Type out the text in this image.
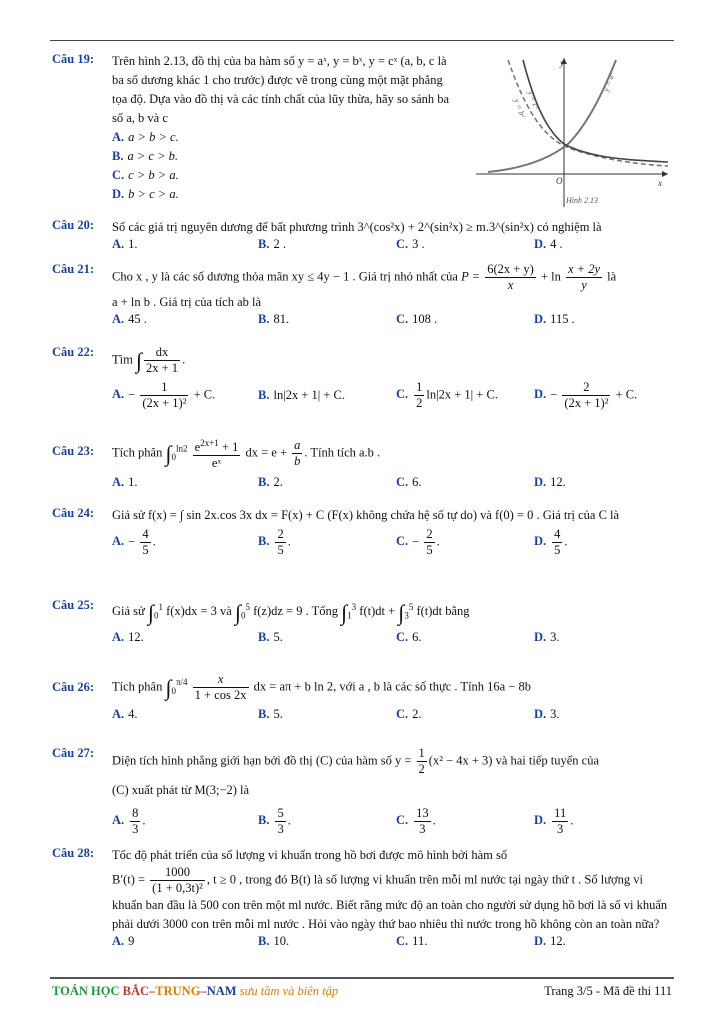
Câu 19:	Trên hình 2.13, đồ thị của ba hàm số y = aˣ, y = bˣ, y = cˣ (a, b, c là ba số dương khác 1 cho trước) được vẽ trong cùng một mặt phẳng tọa độ. Dựa vào đồ thị và các tính chất của lũy thừa, hãy so sánh ba số a, b và c
A. a > b > c.
B. a > c > b.
C. c > b > a.
D. b > c > a.
y
x
O
y = aˣ
y = bˣ
y = cˣ
Hình 2.13
Câu 20:	Số các giá trị nguyên dương để bất phương trình 3^(cos²x) + 2^(sin²x) ≥ m.3^(sin²x) có nghiệm là
A. 1.	B. 2 .	C. 3 .	D. 4 .
Câu 21:
Cho x , y là các số dương thỏa mãn xy ≤ 4y − 1 . Giá trị nhỏ nhất của $P = \frac{6(2x + y)}{x} + \ln \frac{x + 2y}{y}$ là
a + ln b . Giá trị của tích ab là
A. 45 .	B. 81.	C. 108 .	D. 115 .
Câu 22:
Tìm ∫ $\frac{dx}{2x + 1}$ .
A. − $\frac{1}{\text{(2x + 1)²}} + C$.	B. ln|2x + 1| + C.	C. $\frac{1}{2} \ln|2x + 1| + C$.	D. − $\frac{2}{\text{(2x + 1)²}} + C$.
Câu 23:	Tích phân $\int_0^{ln2} \frac{e^{2x+1} + 1}{\text{eˣ}}$ dx = $e + \frac{a}{b}$ . Tính tích a.b .
A. 1.	B. 2.	C. 6.	D. 12.
Câu 24:	Giả sử f(x) = ∫ sin 2x.cos 3x dx = F(x) + C (F(x) không chứa hệ số tự do) và f(0) = 0 . Giá trị của C là
A. − $\frac{4}{5}$ .	B. $\frac{2}{5}$ .	C. − $\frac{2}{5}$ .	D. $\frac{4}{5}$ .
Câu 25:	Giả sử $\int_0^1$ f(x)dx = 3 và $\int_0^5$ f(z)dz = 9 . Tổng $\int_1^3$ $f(t)dt + \int_3^5$ f(t)dt bằng
A. 12.	B. 5.	C. 6.	D. 3.
Câu 26:	Tích phân $\int_0^{\pi/4} \frac{x}{1 + \cos 2x}$ dx = aπ + b ln 2, với a , b là các số thực . Tính 16a − 8b
A. 4.	B. 5.	C. 2.	D. 3.
Câu 27:
Diện tích hình phẳng giới hạn bởi đồ thị (C) của hàm số $y = \frac{1}{2} (x^2 - 4x + 3)$ và hai tiếp tuyến của
(C) xuất phát từ M(3;−2) là
A. $\frac{8}{3}$ .	B. $\frac{5}{3}$ .	C. $\frac{13}{3}$ .	D. $\frac{11}{3}$ .
Câu 28:	Tốc độ phát triển của số lượng vi khuẩn trong hồ bơi được mô hình bởi hàm số
$B'(t) = \frac{1000}{\text{(1 + 0,3t)²}}$ , t ≥ 0 , trong đó B(t) là số lượng vi khuẩn trên mỗi ml nước tại ngày thứ t . Số lượng vi khuẩn ban đầu là 500 con trên một ml nước. Biết rằng mức độ an toàn cho người sử dụng hồ bơi là số vi khuẩn phải dưới 3000 con trên mỗi ml nước . Hỏi vào ngày thứ bao nhiêu thì nước trong hồ không còn an toàn nữa?
A. 9	B. 10.	C. 11.	D. 12.
TOÁN HỌC BẮC–TRUNG–NAM sưu tầm và biên tập	Trang 3/5 - Mã đề thi 111
